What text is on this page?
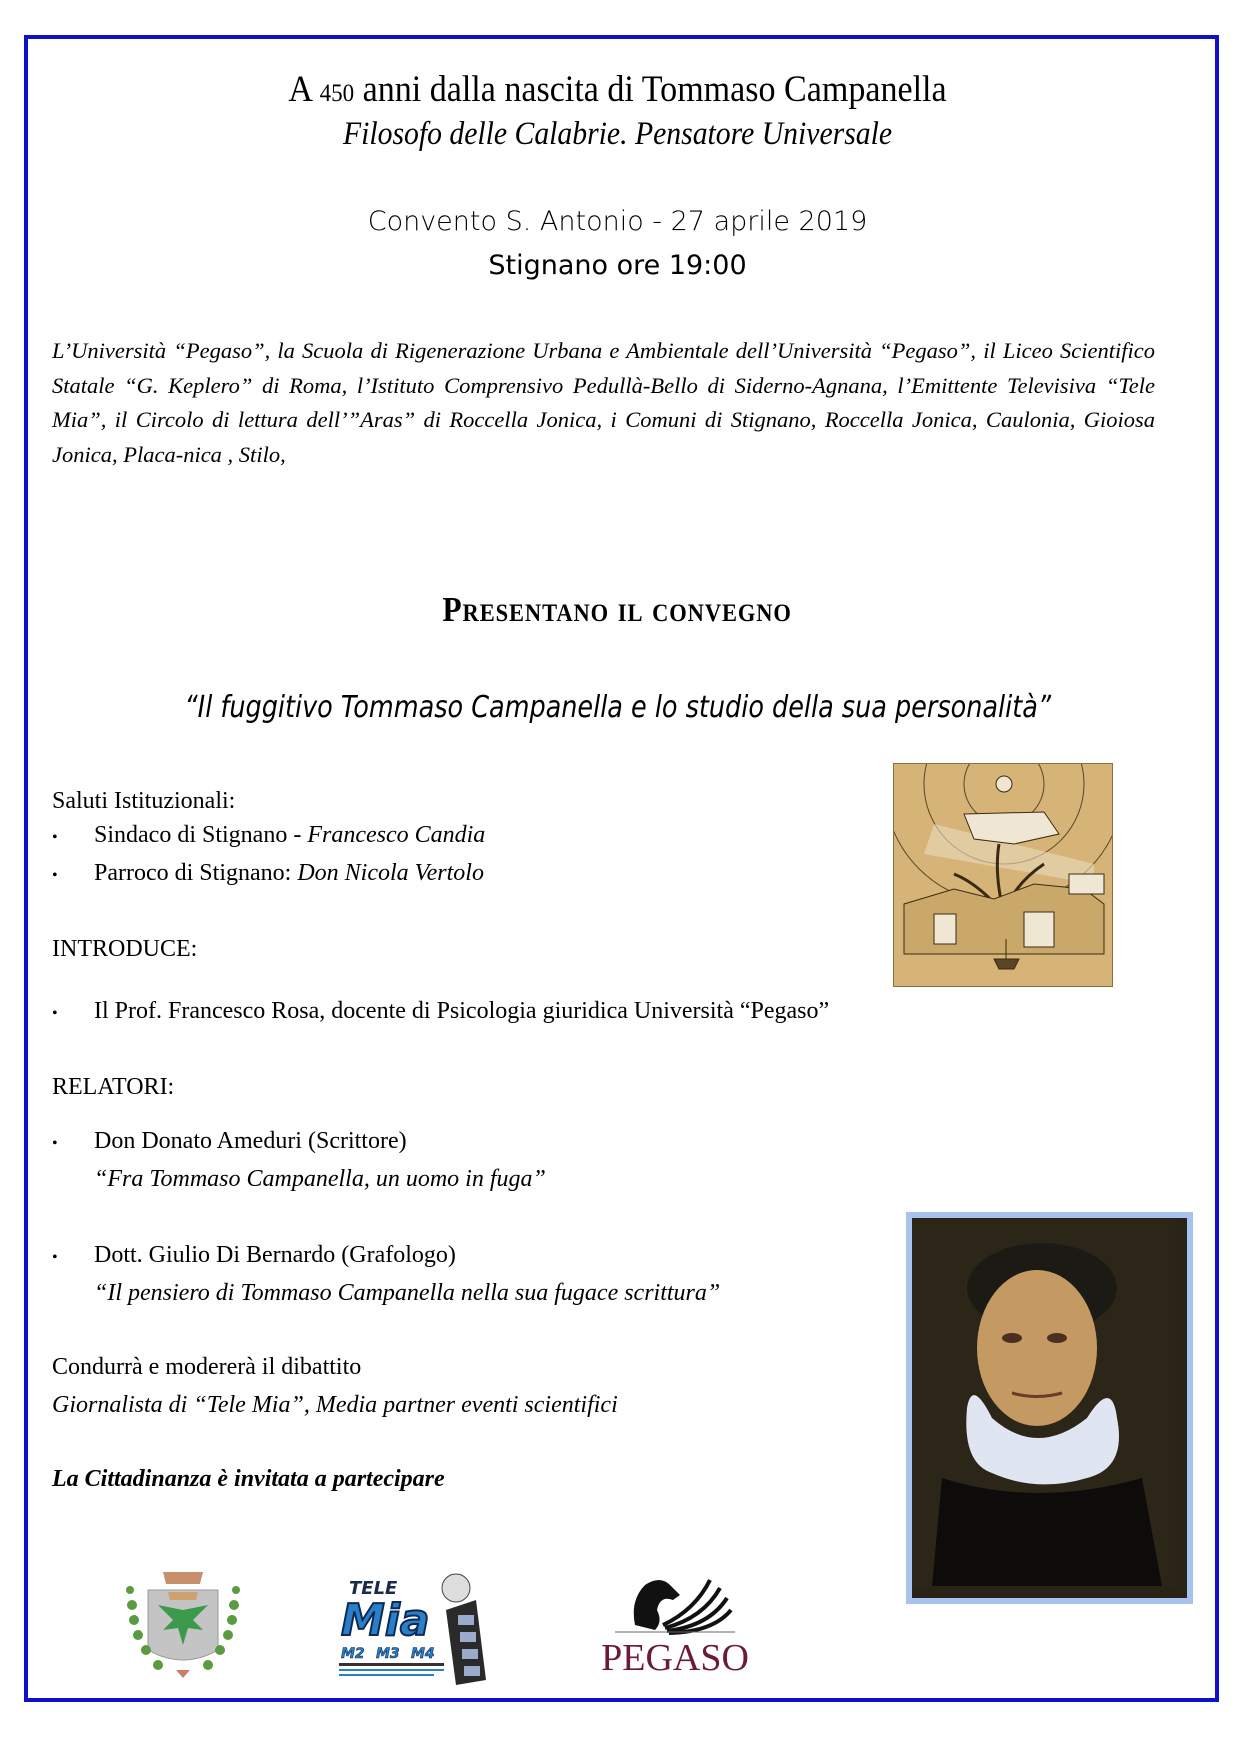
A 450 anni dalla nascita di Tommaso Campanella
Filosofo delle Calabrie. Pensatore Universale
Convento S. Antonio - 27 aprile 2019
Stignano ore 19:00
L’Università “Pegaso”, la Scuola di Rigenerazione Urbana e Ambientale dell’Università “Pegaso”, il Liceo Scientifico Statale “G. Keplero” di Roma, l’Istituto Comprensivo Pedullà-Bello di Siderno-Agnana, l’Emittente Televisiva “Tele Mia”, il Circolo di lettura dell’”Aras” di Roccella Jonica, i Comuni di Stignano, Roccella Jonica, Caulonia, Gioiosa Jonica, Placa-nica , Stilo,
Presentano il convegno
“Il fuggitivo Tommaso Campanella e lo studio della sua personalità”
Saluti Istituzionali:
•	Sindaco di Stignano - Francesco Candia
•	Parroco di Stignano: Don Nicola Vertolo
INTRODUCE:
•	Il Prof. Francesco Rosa, docente di Psicologia giuridica Università “Pegaso”
RELATORI:
•	Don Donato Ameduri (Scrittore)
“Fra Tommaso Campanella, un uomo in fuga”
•	Dott. Giulio Di Bernardo (Grafologo)
“Il pensiero di Tommaso Campanella nella sua fugace scrittura”
Condurrà e modererà il dibattito
Giornalista di “Tele Mia”, Media partner eventi scientifici
La Cittadinanza è invitata a partecipare
TELE
Mia
M2 M3 M4	PEGASO
